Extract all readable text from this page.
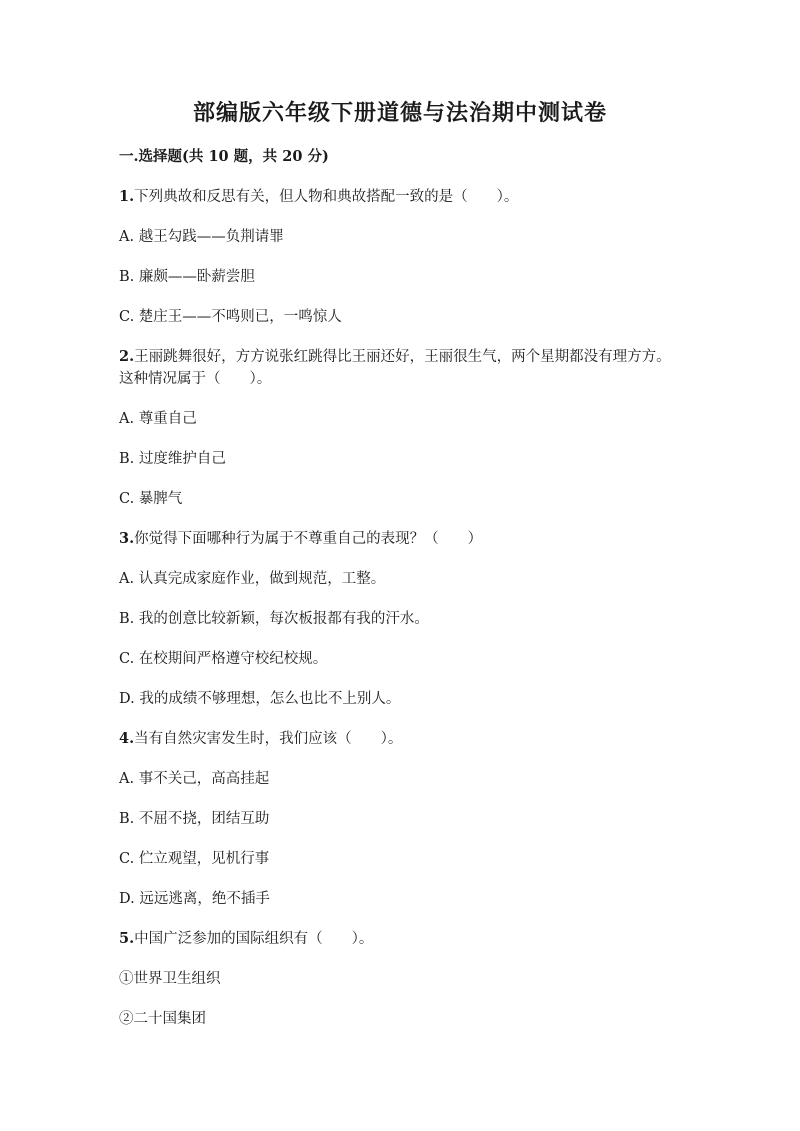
部编版六年级下册道德与法治期中测试卷
一.选择题(共 10 题，共 20 分)
1.下列典故和反思有关，但人物和典故搭配一致的是（　　）。
A. 越王勾践——负荆请罪
B. 廉颇——卧薪尝胆
C. 楚庄王——不鸣则已，一鸣惊人
2.王丽跳舞很好，方方说张红跳得比王丽还好，王丽很生气，两个星期都没有理方方。这种情况属于（　　）。
A. 尊重自己
B. 过度维护自己
C. 暴脾气
3.你觉得下面哪种行为属于不尊重自己的表现？（　　）
A. 认真完成家庭作业，做到规范，工整。
B. 我的创意比较新颖，每次板报都有我的汗水。
C. 在校期间严格遵守校纪校规。
D. 我的成绩不够理想，怎么也比不上别人。
4.当有自然灾害发生时，我们应该（　　）。
A. 事不关己，高高挂起
B. 不屈不挠，团结互助
C. 伫立观望，见机行事
D. 远远逃离，绝不插手
5.中国广泛参加的国际组织有（　　）。
①世界卫生组织
②二十国集团
